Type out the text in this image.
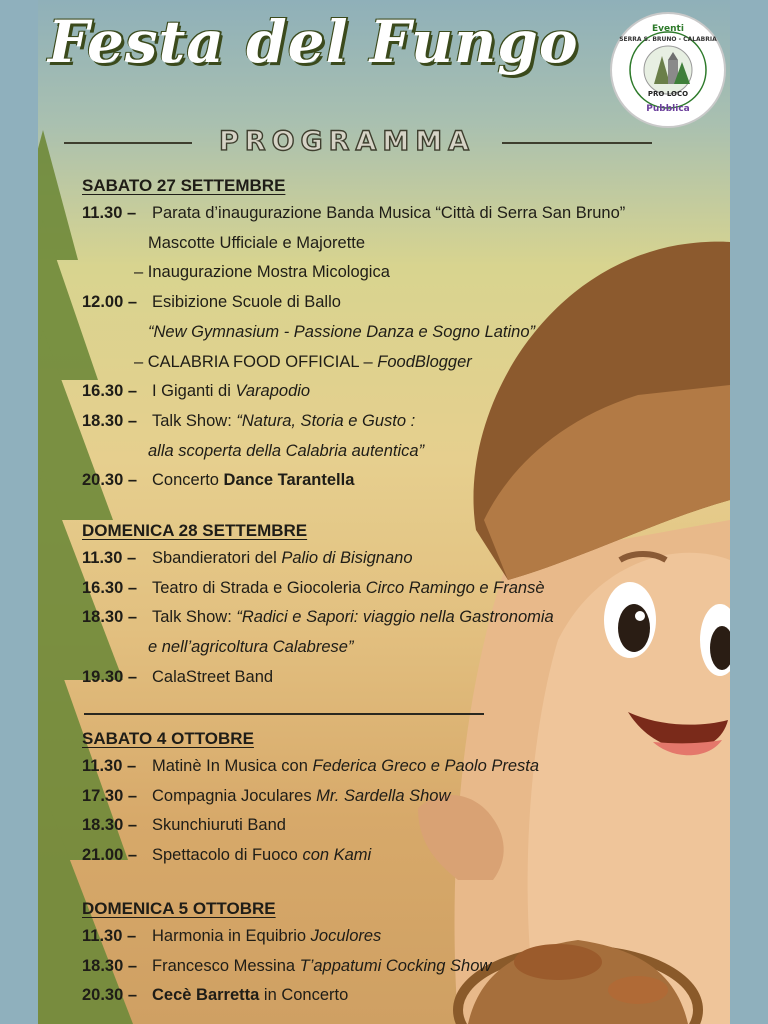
Festa del Fungo	Eventi
SERRA S. BRUNO - CALABRIA
PRO LOCO
Pubblica
PROGRAMMA
SABATO 27 SETTEMBRE
11.30 – Parata d’inaugurazione Banda Musica “Città di Serra San Bruno”
Mascotte Ufficiale e Majorette
– Inaugurazione Mostra Micologica
12.00 – Esibizione Scuole di Ballo
“New Gymnasium - Passione Danza e Sogno Latino”
– CALABRIA FOOD OFFICIAL – FoodBlogger
16.30 – I Giganti di Varapodio
18.30 – Talk Show: “Natura, Storia e Gusto :
alla scoperta della Calabria autentica”
20.30 – Concerto Dance Tarantella
DOMENICA 28 SETTEMBRE
11.30 – Sbandieratori del Palio di Bisignano
16.30 – Teatro di Strada e Giocoleria Circo Ramingo e Fransè
18.30 – Talk Show: “Radici e Sapori: viaggio nella Gastronomia
e nell’agricoltura Calabrese”
19.30 – CalaStreet Band
SABATO 4 OTTOBRE
11.30 – Matinè In Musica con Federica Greco e Paolo Presta
17.30 – Compagnia Joculares Mr. Sardella Show
18.30 – Skunchiuruti Band
21.00 – Spettacolo di Fuoco con Kami
DOMENICA 5 OTTOBRE
11.30 – Harmonia in Equibrio Joculores
18.30 – Francesco Messina T’appatumi Cocking Show
20.30 – Cecè Barretta in Concerto
